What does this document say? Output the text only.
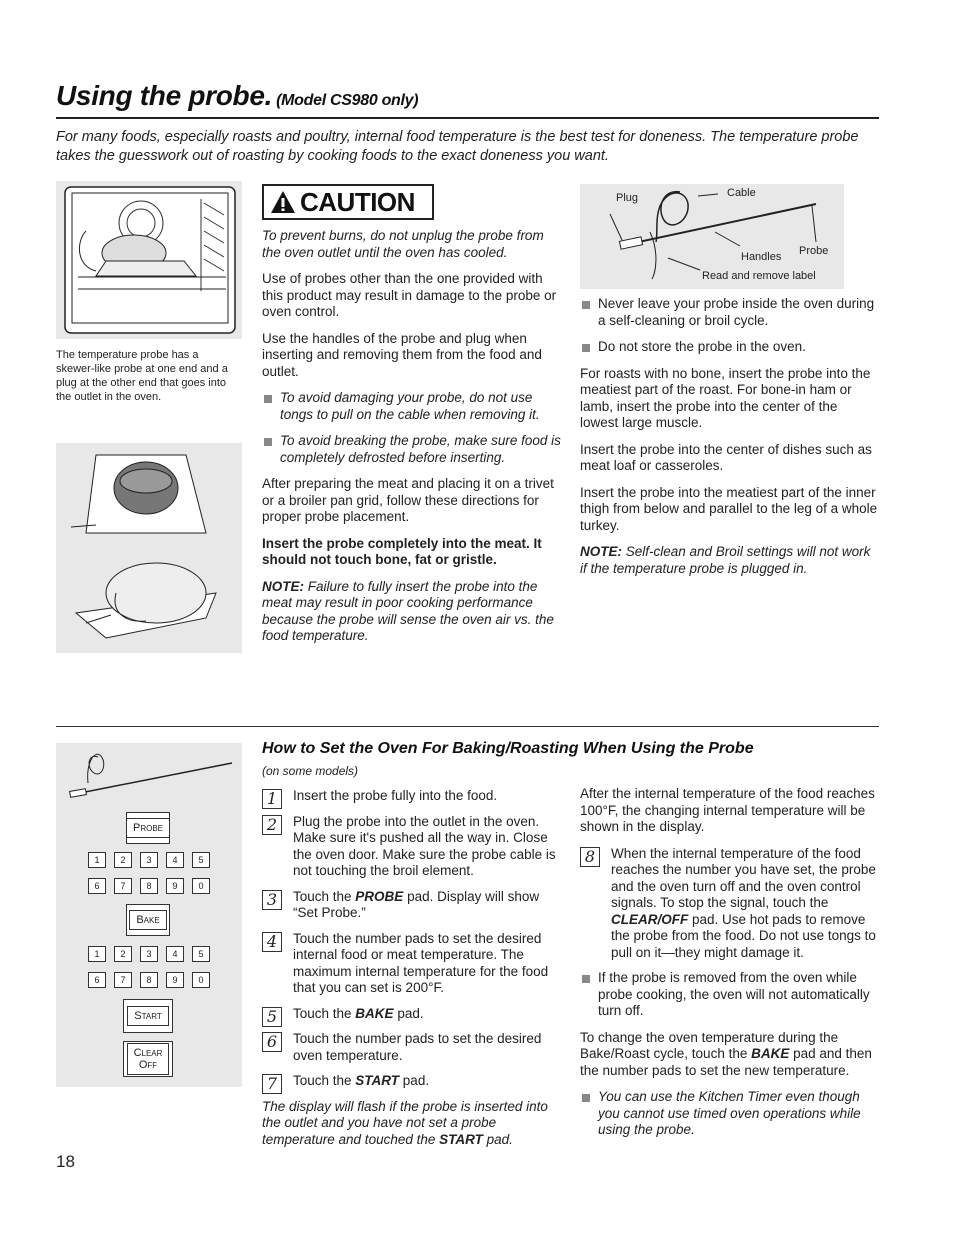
Using the probe. (Model CS980 only)
For many foods, especially roasts and poultry, internal food temperature is the best test for doneness. The temperature probe takes the guesswork out of roasting by cooking foods to the exact doneness you want.
The temperature probe has a skewer-like probe at one end and a plug at the other end that goes into the outlet in the oven.
CAUTION

To prevent burns, do not unplug the probe from the oven outlet until the oven has cooled.

Use of probes other than the one provided with this product may result in damage to the probe or oven control.

Use the handles of the probe and plug when inserting and removing them from the food and outlet.

To avoid damaging your probe, do not use tongs to pull on the cable when removing it.

To avoid breaking the probe, make sure food is completely defrosted before inserting.

After preparing the meat and placing it on a trivet or a broiler pan grid, follow these directions for proper probe placement.

Insert the probe completely into the meat. It should not touch bone, fat or gristle.

NOTE: Failure to fully insert the probe into the meat may result in poor cooking performance because the probe will sense the oven air vs. the food temperature.

Plug	Cable
Handles Probe
Read and remove label

Never leave your probe inside the oven during a self-cleaning or broil cycle.

Do not store the probe in the oven.

For roasts with no bone, insert the probe into the meatiest part of the roast. For bone-in ham or lamb, insert the probe into the center of the lowest large muscle.

Insert the probe into the center of dishes such as meat loaf or casseroles.

Insert the probe into the meatiest part of the inner thigh from below and parallel to the leg of a whole turkey.

NOTE: Self-clean and Broil settings will not work if the temperature probe is plugged in.

Probe
1	2	3	4	5
6	7	8	9	0
Bake
1	2	3	4	5
6	7	8	9	0
Start
Clear
Off
How to Set the Oven For Baking/Roasting When Using the Probe
(on some models)
1	Insert the probe fully into the food.
2	Plug the probe into the outlet in the oven. Make sure it's pushed all the way in. Close the oven door. Make sure the probe cable is not touching the broil element.
3	Touch the PROBE pad. Display will show “Set Probe.”
4	Touch the number pads to set the desired internal food or meat temperature. The maximum internal temperature for the food that you can set is 200°F.
5	Touch the BAKE pad.
6	Touch the number pads to set the desired oven temperature.
7	Touch the START pad.

The display will flash if the probe is inserted into the outlet and you have not set a probe temperature and touched the START pad.

After the internal temperature of the food reaches 100°F, the changing internal temperature will be shown in the display.

8	When the internal temperature of the food reaches the number you have set, the probe and the oven turn off and the oven control signals. To stop the signal, touch the CLEAR/OFF pad. Use hot pads to remove the probe from the food. Do not use tongs to pull on it—they might damage it.

If the probe is removed from the oven while probe cooking, the oven will not automatically turn off.

To change the oven temperature during the Bake/Roast cycle, touch the BAKE pad and then the number pads to set the new temperature.

You can use the Kitchen Timer even though you cannot use timed oven operations while using the probe.

18
